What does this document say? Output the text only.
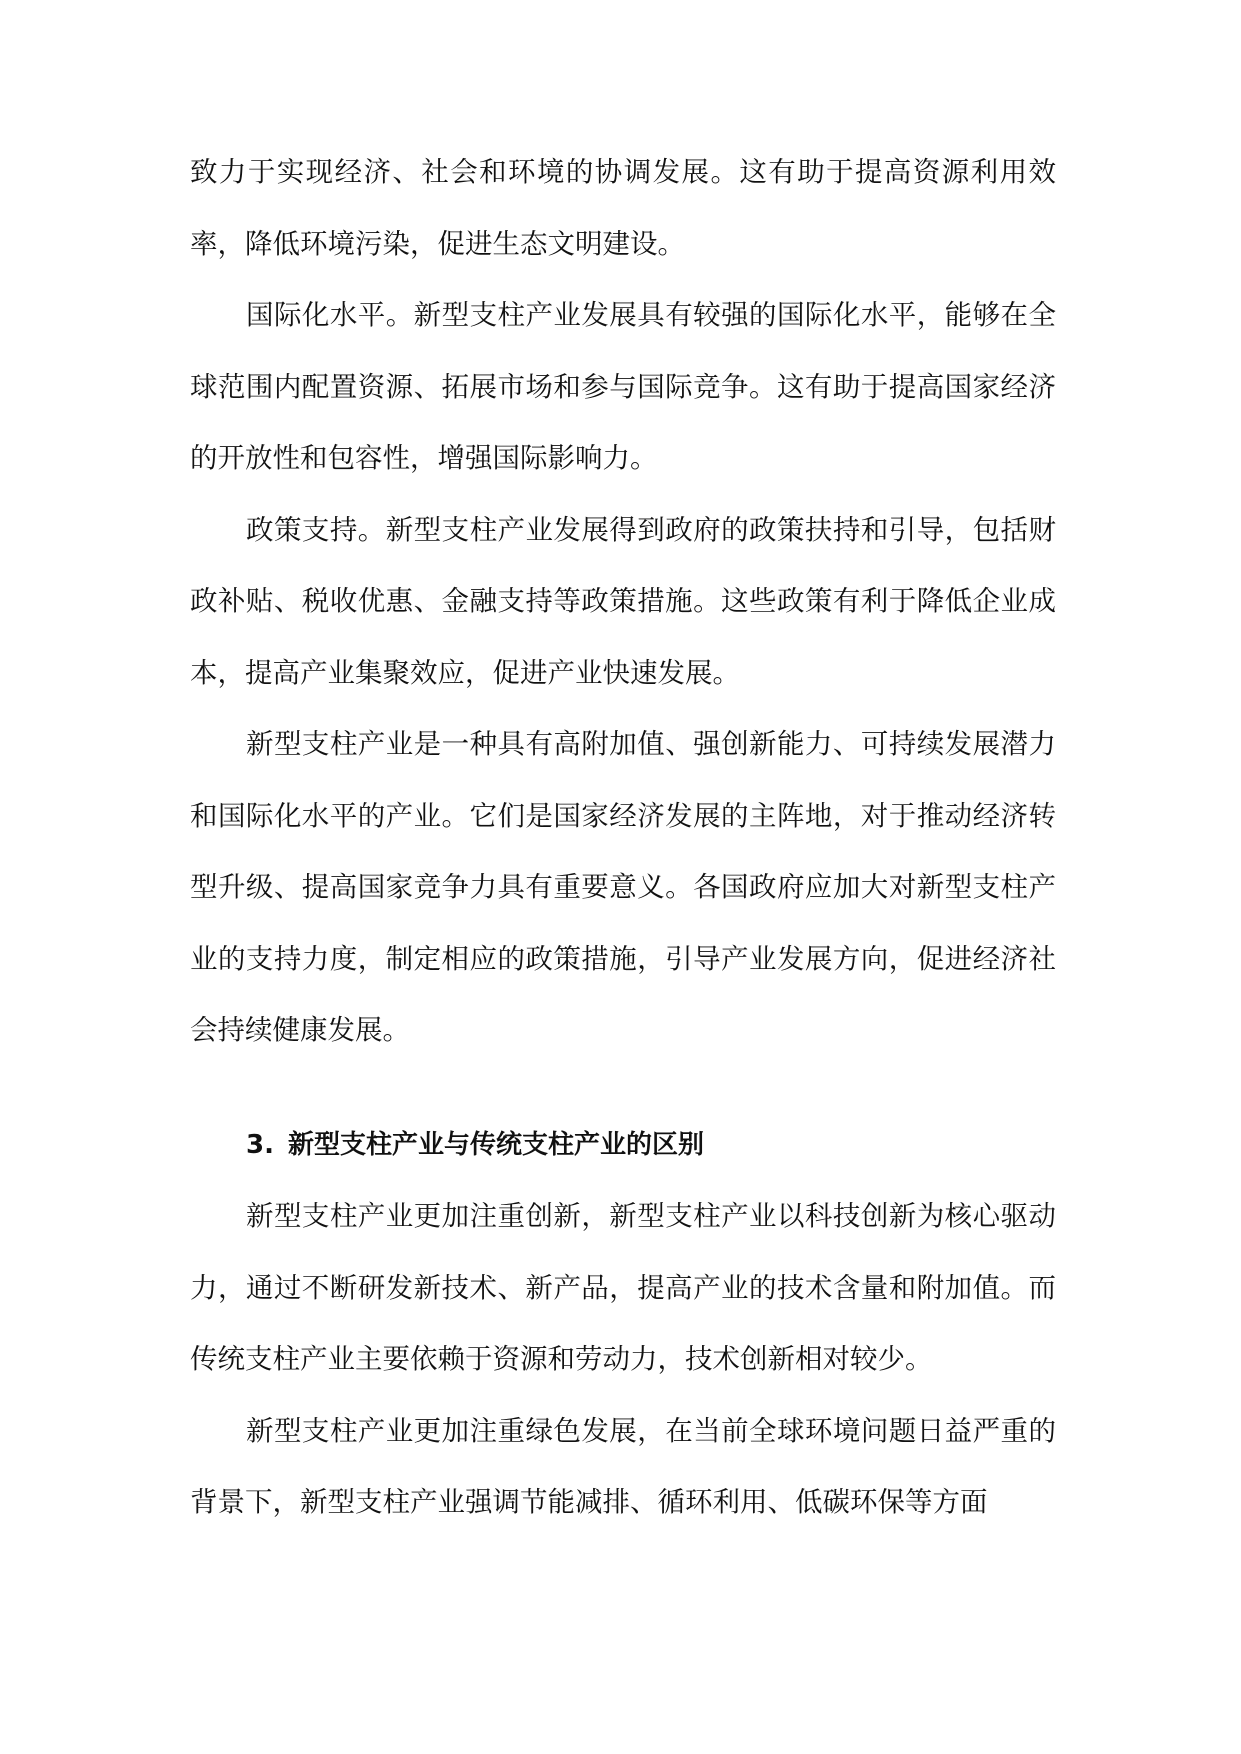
致力于实现经济、社会和环境的协调发展。这有助于提高资源利用效率，降低环境污染，促进生态文明建设。

国际化水平。新型支柱产业发展具有较强的国际化水平，能够在全球范围内配置资源、拓展市场和参与国际竞争。这有助于提高国家经济的开放性和包容性，增强国际影响力。

政策支持。新型支柱产业发展得到政府的政策扶持和引导，包括财政补贴、税收优惠、金融支持等政策措施。这些政策有利于降低企业成本，提高产业集聚效应，促进产业快速发展。

新型支柱产业是一种具有高附加值、强创新能力、可持续发展潜力和国际化水平的产业。它们是国家经济发展的主阵地，对于推动经济转型升级、提高国家竞争力具有重要意义。各国政府应加大对新型支柱产业的支持力度，制定相应的政策措施，引导产业发展方向，促进经济社会持续健康发展。

3. 新型支柱产业与传统支柱产业的区别

新型支柱产业更加注重创新，新型支柱产业以科技创新为核心驱动力，通过不断研发新技术、新产品，提高产业的技术含量和附加值。而传统支柱产业主要依赖于资源和劳动力，技术创新相对较少。

新型支柱产业更加注重绿色发展，在当前全球环境问题日益严重的背景下，新型支柱产业强调节能减排、循环利用、低碳环保等方面
